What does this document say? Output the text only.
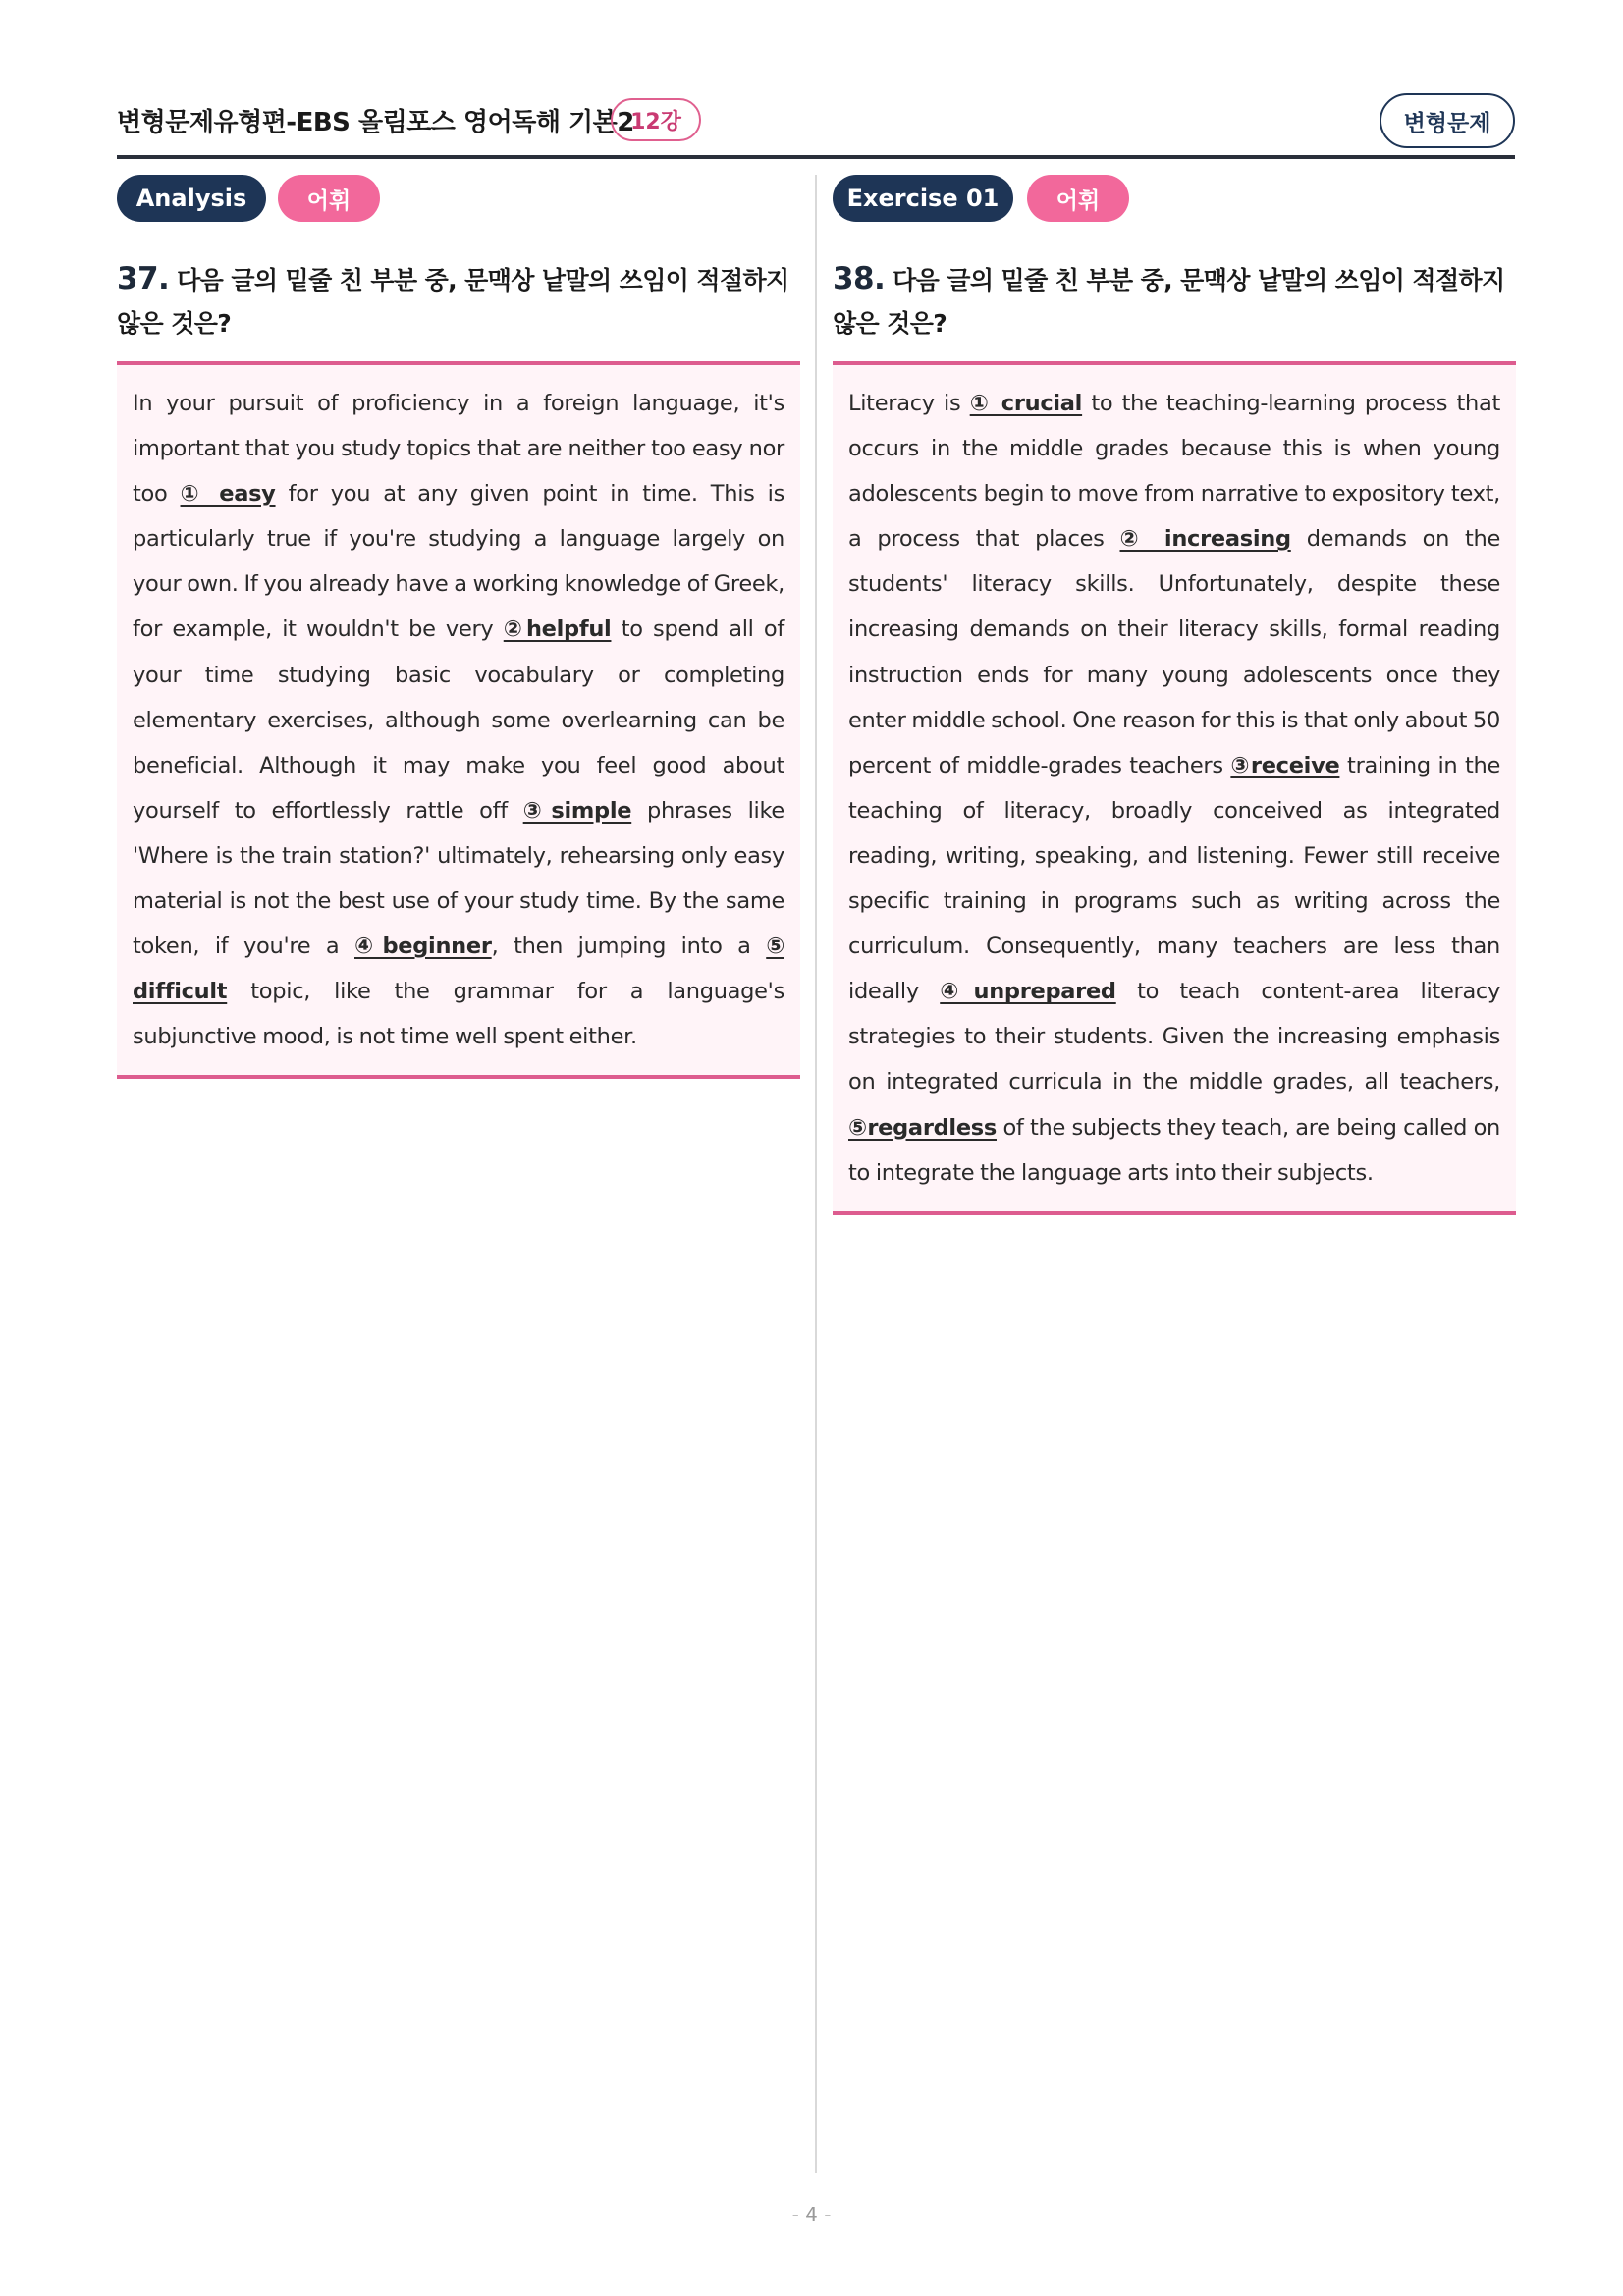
변형문제유형편-EBS 올림포스 영어독해 기본2
12강	변형문제
Analysis	어휘
37. 다음 글의 밑줄 친 부분 중, 문맥상 낱말의 쓰임이 적절하지 않은 것은?
In your pursuit of proficiency in a foreign language, it's important that you study topics that are neither too easy nor too ① easy for you at any given point in time. This is particularly true if you're studying a language largely on your own. If you already have a working knowledge of Greek, for example, it wouldn't be very ②helpful to spend all of your time studying basic vocabulary or completing elementary exercises, although some overlearning can be beneficial. Although it may make you feel good about yourself to effortlessly rattle off ③simple phrases like 'Where is the train station?' ultimately, rehearsing only easy material is not the best use of your study time. By the same token, if you're a ④beginner, then jumping into a ⑤ difficult topic, like the grammar for a language's subjunctive mood, is not time well spent either.
Exercise 01	어휘
38. 다음 글의 밑줄 친 부분 중, 문맥상 낱말의 쓰임이 적절하지 않은 것은?
Literacy is ① crucial to the teaching-learning process that occurs in the middle grades because this is when young adolescents begin to move from narrative to expository text, a process that places ② increasing demands on the students' literacy skills. Unfortunately, despite these increasing demands on their literacy skills, formal reading instruction ends for many young adolescents once they enter middle school. One reason for this is that only about 50 percent of middle-grades teachers ③receive training in the teaching of literacy, broadly conceived as integrated reading, writing, speaking, and listening. Fewer still receive specific training in programs such as writing across the curriculum. Consequently, many teachers are less than ideally ④unprepared to teach content-area literacy strategies to their students. Given the increasing emphasis on integrated curricula in the middle grades, all teachers, ⑤regardless of the subjects they teach, are being called on to integrate the language arts into their subjects.
- 4 -
